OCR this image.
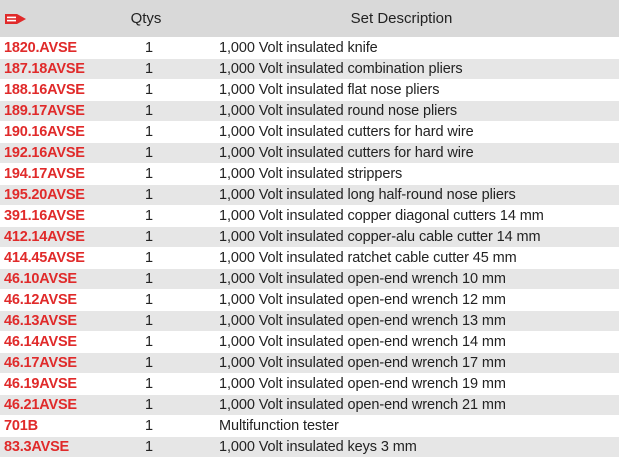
	Qtys	Set Description
1820.AVSE	1	1,000 Volt insulated knife
187.18AVSE	1	1,000 Volt insulated combination pliers
188.16AVSE	1	1,000 Volt insulated flat nose pliers
189.17AVSE	1	1,000 Volt insulated round nose pliers
190.16AVSE	1	1,000 Volt insulated cutters for hard wire
192.16AVSE	1	1,000 Volt insulated cutters for hard wire
194.17AVSE	1	1,000 Volt insulated strippers
195.20AVSE	1	1,000 Volt insulated long half-round nose pliers
391.16AVSE	1	1,000 Volt insulated copper diagonal cutters 14 mm
412.14AVSE	1	1,000 Volt insulated copper-alu cable cutter 14 mm
414.45AVSE	1	1,000 Volt insulated ratchet cable cutter 45 mm
46.10AVSE	1	1,000 Volt insulated open-end wrench 10 mm
46.12AVSE	1	1,000 Volt insulated open-end wrench 12 mm
46.13AVSE	1	1,000 Volt insulated open-end wrench 13 mm
46.14AVSE	1	1,000 Volt insulated open-end wrench 14 mm
46.17AVSE	1	1,000 Volt insulated open-end wrench 17 mm
46.19AVSE	1	1,000 Volt insulated open-end wrench 19 mm
46.21AVSE	1	1,000 Volt insulated open-end wrench 21 mm
701B	1	Multifunction tester
83.3AVSE	1	1,000 Volt insulated keys 3 mm
